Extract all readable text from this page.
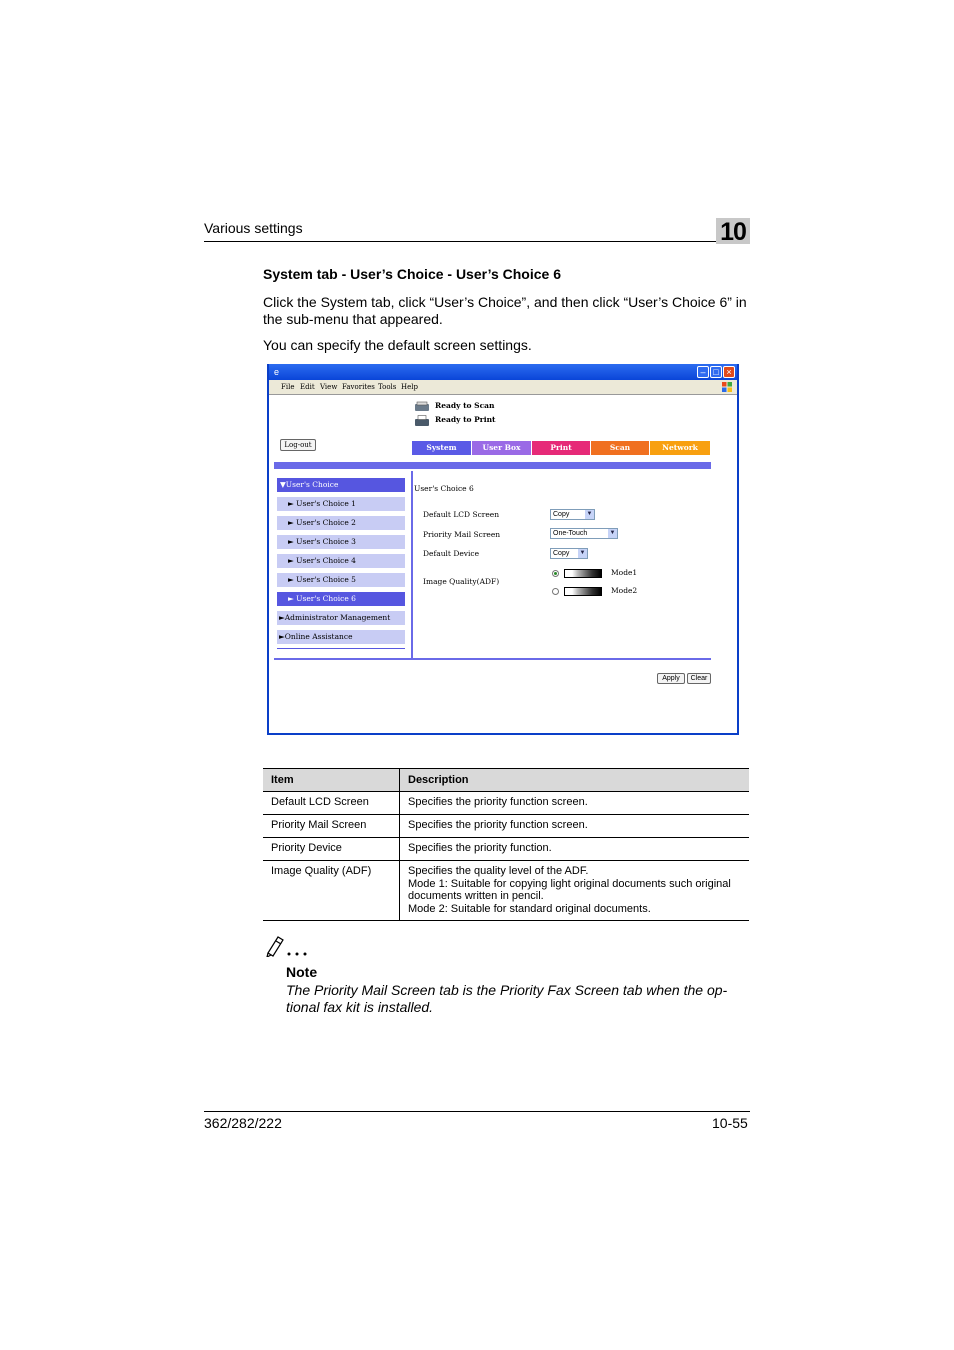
Various settings	10
System tab - User’s Choice - User’s Choice 6
Click the System tab, click “User’s Choice”, and then click “User’s Choice 6” in the sub-menu that appeared.
You can specify the default screen settings.
e	– □ ×
File Edit View Favorites Tools Help
Ready to Scan
Ready to Print
Log-out	System	User Box	Print	Scan	Network
▼User's Choice
► User's Choice 1
► User's Choice 2
► User's Choice 3
► User's Choice 4
► User's Choice 5
► User's Choice 6
►Administrator Management
►Online Assistance
User's Choice 6
Default LCD Screen	Copy	▼
Priority Mail Screen	One-Touch	▼
Default Device	Copy ▼
Image Quality(ADF)
Mode1
Mode2
Apply	Clear
Item	Description
Default LCD Screen	Specifies the priority function screen.
Priority Mail Screen	Specifies the priority function screen.
Priority Device	Specifies the priority function.
Image Quality (ADF)	Specifies the quality level of the ADF.
Mode 1: Suitable for copying light original documents such original documents written in pencil.
Mode 2: Suitable for standard original documents.
Note
The Priority Mail Screen tab is the Priority Fax Screen tab when the op- tional fax kit is installed.
362/282/222	10-55
